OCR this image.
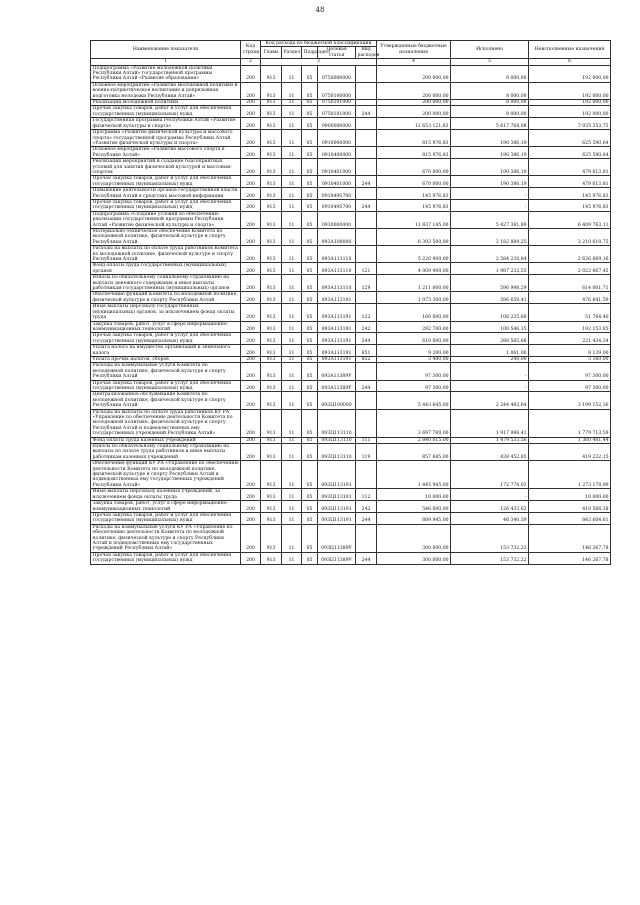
48
Наименование показателя	Код строки	Код расхода по бюджетной классификации					Утвержденные бюджетные назначения	Исполнено	Неисполненные назначения
		Главы	Раздел	Подраздел	Целевая статья	Вид расходов			
1	2	3					4	5	6
Подпрограмма «Развитие молодежной политики Республики Алтай» государственной программы Республики Алтай «Развитие образования»	200	913	11	05	0750000000		200 000,00	8 000,00	192 000,00
Основное мероприятие «Развитие молодежной политики и военно-патриотическое воспитание и допризывная подготовка молодежи Республики Алтай»	200	913	11	05	0750100000		200 000,00	8 000,00	192 000,00
Реализация молодежной политики	200	913	11	05	0750101000		200 000,00	8 000,00	192 000,00
Прочая закупка товаров, работ и услуг для обеспечения государственных (муниципальных) нужд	200	913	11	05	0750101000	244	200 000,00	8 000,00	192 000,00
Государственная программа Республики Алтай «Развитие физической культуры и спорта»	200	913	11	05	0900000000		12 653 121,83	5 617 768,08	7 035 353,75
Программа «Развитие физической культуры и массового спорта» государственной программы Республики Алтай «Развитие физической культуры и спорта»	200	913	11	05	0910000000		815 976,83	190 386,19	625 590,64
Основное мероприятие «Развитие массового спорта в Республике Алтай»	200	913	11	05	0910400000		815 976,83	190 386,19	625 590,64
Реализация мероприятий и создание благоприятных условий для занятия физической культурой и массовым спортом	200	913	11	05	0910401000		670 000,00	190 386,19	479 613,81
Прочая закупка товаров, работ и услуг для обеспечения государственных (муниципальных) нужд	200	913	11	05	0910401000	244	670 000,00	190 386,19	479 613,81
Повышение деятельности органов государственной власти Республики Алтай в средствах массовой информации	200	913	11	05	091049S700		145 976,83	-	145 976,83
Прочая закупка товаров, работ и услуг для обеспечения государственных (муниципальных) нужд	200	913	11	05	091049S700	244	145 976,83	-	145 976,83
Подпрограмма «Создание условий по обеспечению реализации государственной программы Республики Алтай «Развитие физической культуры и спорта»	200	913	11	05	0930000000		11 837 145,00	5 427 381,89	6 409 763,11
Материально-техническое обеспечение Комитета по молодежной политике, физической культуре и спорту Республики Алтай	200	913	11	05	093А100000		6 393 500,00	3 182 889,25	3 210 610,75
Расходы на выплаты по оплате труда работников Комитета по молодежной политике, физической культуре и спорту Республики Алтай	200	913	11	05	093А113110		5 220 900,00	2 584 230,84	2 636 669,16
Фонд оплаты труда государственных (муниципальных) органов	200	913	11	05	093А113110	121	4 009 900,00	1 987 232,55	2 022 667,45
Взносы по обязательному социальному страхованию на выплаты денежного содержания и иные выплаты работникам государственных (муниципальных) органов	200	913	11	05	093А113110	129	1 211 000,00	596 998,29	614 001,71
Обеспечение функций Комитета по молодежной политике, физической культуре и спорту Республики Алтай	200	913	11	05	093А113191		1 073 300,00	596 658,41	476 641,59
Иные выплаты персоналу государственных (муниципальных) органов, за исключением фонда оплаты труда	200	913	11	05	093А113191	122	160 000,00	108 235,60	51 764,40
Закупка товаров, работ, услуг в сфере информационно-коммуникационных технологий	200	913	11	05	093А113191	242	292 700,00	100 546,15	192 153,85
Прочая закупка товаров, работ и услуг для обеспечения государственных (муниципальных) нужд	200	913	11	05	093А113191	244	610 000,00	388 565,66	221 434,34
Уплата налога на имущество организаций и земельного налога	200	913	11	05	093А113191	851	9 200,00	1 061,00	8 139,00
Уплата прочих налогов, сборов	200	913	11	05	093А113191	852	3 400,00	240,00	3 160,00
Расходы на коммунальные услуги Комитета по молодежной политике, физической культуре и спорту Республики Алтай	200	913	11	05	093А11389У		97 300,00	-	97 300,00
Прочая закупка товаров, работ и услуг для обеспечения государственных (муниципальных) нужд	200	913	11	05	093А11389У	244	97 300,00	-	97 300,00
Централизованное обслуживание Комитета по молодежной политике, физической культуре и спорту Республики Алтай	200	913	11	05	093Ц100000		5 443 645,00	2 244 492,64	3 199 152,36
Расходы на выплаты по оплате труда работников КУ РА «Управление по обеспечению деятельности Комитета по молодежной политике, физической культуре и спорту Республики Алтай и подведомственных ему государственных учреждений Республики Алтай»	200	913	11	05	093Ц113110		3 697 700,00	1 917 986,41	1 779 713,59
Фонд оплаты труда казенных учреждений	200	913	11	05	093Ц113110	111	2 840 015,00	1 479 533,56	1 360 481,44
Взносы по обязательному социальному страхованию на выплаты по оплате труда работников и иные выплаты работникам казенных учреждений	200	913	11	05	093Ц113110	119	857 685,00	438 452,85	419 232,15
Обеспечение функций КУ РА «Управление по обеспечению деятельности Комитета по молодежной политике, физической культуре и спорту Республики Алтай и подведомственных ему государственных учреждений Республики Алтай»	200	913	11	05	093Ц113191		1 445 945,00	172 774,01	1 273 170,99
Иные выплаты персоналу казенных учреждений, за исключением фонда оплаты труда	200	913	11	05	093Ц113191	112	10 000,00	-	10 000,00
Закупка товаров, работ, услуг в сфере информационно-коммуникационных технологий	200	913	11	05	093Ц113191	242	546 000,00	126 433,62	419 566,38
Прочая закупка товаров, работ и услуг для обеспечения государственных (муниципальных) нужд	200	913	11	05	093Ц113191	244	889 945,00	46 340,39	843 604,61
Расходы на коммунальные услуги КУ РА «Управление по обеспечению деятельности Комитета по молодежной политике, физической культуре и спорту Республики Алтай и подведомственных ему государственных учреждений Республики Алтай»	200	913	11	05	093Ц11389У		300 000,00	153 732,22	146 267,78
Прочая закупка товаров, работ и услуг для обеспечения государственных (муниципальных) нужд	200	913	11	05	093Ц11389У	244	300 000,00	153 732,22	146 267,78
